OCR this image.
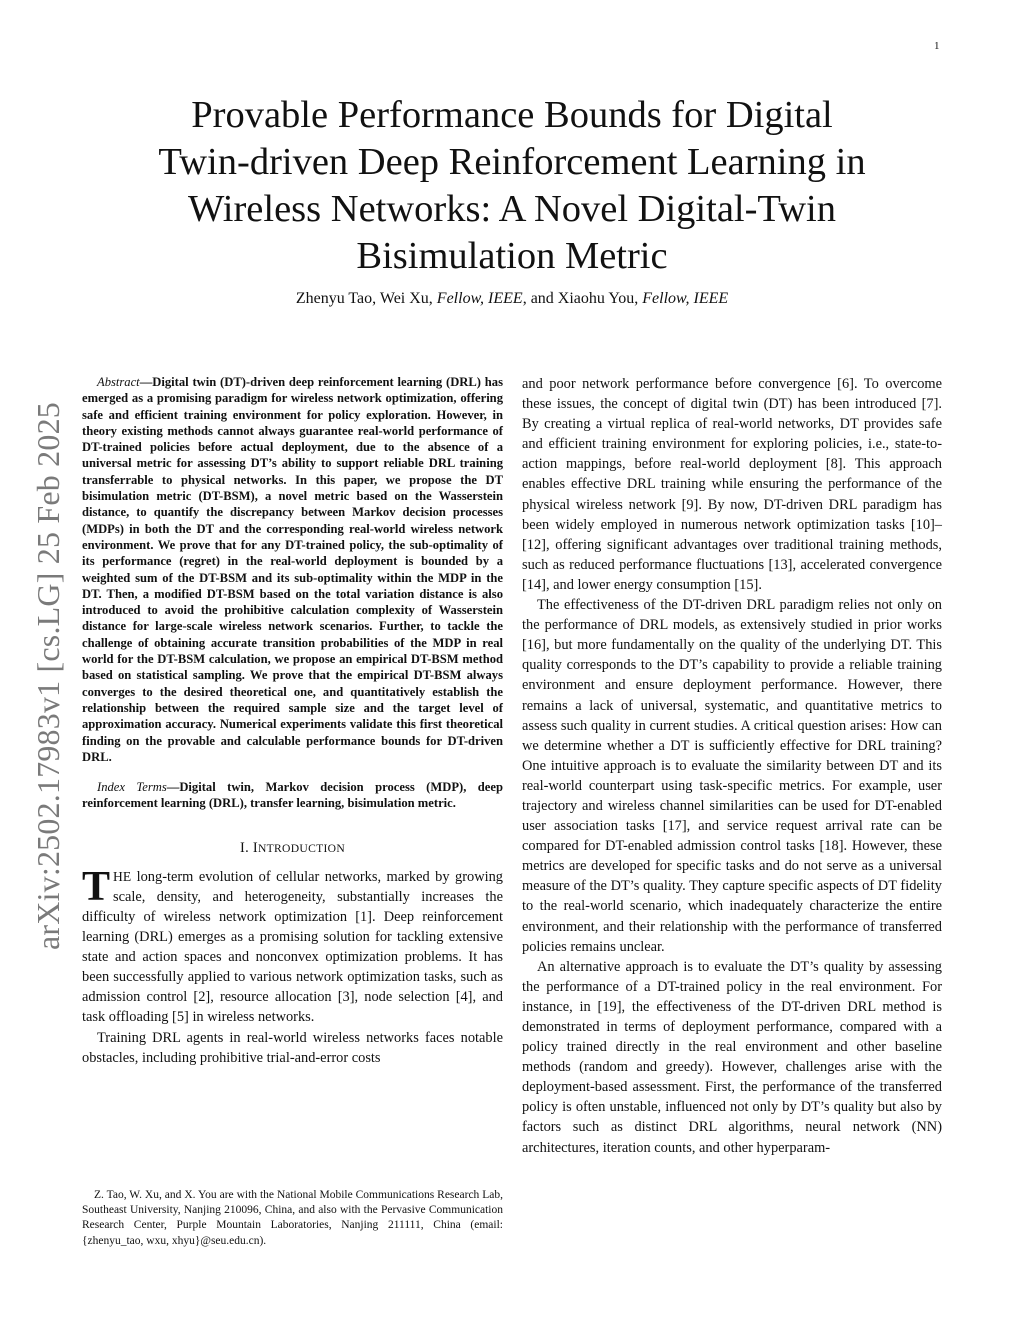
1
arXiv:2502.17983v1 [cs.LG] 25 Feb 2025
Provable Performance Bounds for Digital
Twin-driven Deep Reinforcement Learning in
Wireless Networks: A Novel Digital-Twin
Bisimulation Metric
Zhenyu Tao, Wei Xu, Fellow, IEEE, and Xiaohu You, Fellow, IEEE

Abstract—Digital twin (DT)-driven deep reinforcement learning (DRL) has emerged as a promising paradigm for wireless network optimization, offering safe and efficient training environment for policy exploration. However, in theory existing methods cannot always guarantee real-world performance of DT-trained policies before actual deployment, due to the absence of a universal metric for assessing DT’s ability to support reliable DRL training transferrable to physical networks. In this paper, we propose the DT bisimulation metric (DT-BSM), a novel metric based on the Wasserstein distance, to quantify the discrepancy between Markov decision processes (MDPs) in both the DT and the corresponding real-world wireless network environment. We prove that for any DT-trained policy, the sub-optimality of its performance (regret) in the real-world deployment is bounded by a weighted sum of the DT-BSM and its sub-optimality within the MDP in the DT. Then, a modified DT-BSM based on the total variation distance is also introduced to avoid the prohibitive calculation complexity of Wasserstein distance for large-scale wireless network scenarios. Further, to tackle the challenge of obtaining accurate transition probabilities of the MDP in real world for the DT-BSM calculation, we propose an empirical DT-BSM method based on statistical sampling. We prove that the empirical DT-BSM always converges to the desired theoretical one, and quantitatively establish the relationship between the required sample size and the target level of approximation accuracy. Numerical experiments validate this first theoretical finding on the provable and calculable performance bounds for DT-driven DRL.

Index Terms—Digital twin, Markov decision process (MDP), deep reinforcement learning (DRL), transfer learning, bisimulation metric.

I. INTRODUCTION

THE long-term evolution of cellular networks, marked by growing scale, density, and heterogeneity, substantially increases the difficulty of wireless network optimization [1]. Deep reinforcement learning (DRL) emerges as a promising solution for tackling extensive state and action spaces and nonconvex optimization problems. It has been successfully applied to various network optimization tasks, such as admission control [2], resource allocation [3], node selection [4], and task offloading [5] in wireless networks.

Training DRL agents in real-world wireless networks faces notable obstacles, including prohibitive trial-and-error costs

Z. Tao, W. Xu, and X. You are with the National Mobile Communications Research Lab, Southeast University, Nanjing 210096, China, and also with the Pervasive Communication Research Center, Purple Mountain Laboratories, Nanjing 211111, China (email: {zhenyu_tao, wxu, xhyu}@seu.edu.cn).

and poor network performance before convergence [6]. To overcome these issues, the concept of digital twin (DT) has been introduced [7]. By creating a virtual replica of real-world networks, DT provides safe and efficient training environment for exploring policies, i.e., state-to-action mappings, before real-world deployment [8]. This approach enables effective DRL training while ensuring the performance of the physical wireless network [9]. By now, DT-driven DRL paradigm has been widely employed in numerous network optimization tasks [10]–[12], offering significant advantages over traditional training methods, such as reduced performance fluctuations [13], accelerated convergence [14], and lower energy consumption [15].

The effectiveness of the DT-driven DRL paradigm relies not only on the performance of DRL models, as extensively studied in prior works [16], but more fundamentally on the quality of the underlying DT. This quality corresponds to the DT’s capability to provide a reliable training environment and ensure deployment performance. However, there remains a lack of universal, systematic, and quantitative metrics to assess such quality in current studies. A critical question arises: How can we determine whether a DT is sufficiently effective for DRL training? One intuitive approach is to evaluate the similarity between DT and its real-world counterpart using task-specific metrics. For example, user trajectory and wireless channel similarities can be used for DT-enabled user association tasks [17], and service request arrival rate can be compared for DT-enabled admission control tasks [18]. However, these metrics are developed for specific tasks and do not serve as a universal measure of the DT’s quality. They capture specific aspects of DT fidelity to the real-world scenario, which inadequately characterize the entire environment, and their relationship with the performance of transferred policies remains unclear.

An alternative approach is to evaluate the DT’s quality by assessing the performance of a DT-trained policy in the real environment. For instance, in [19], the effectiveness of the DT-driven DRL method is demonstrated in terms of deployment performance, compared with a policy trained directly in the real environment and other baseline methods (random and greedy). However, challenges arise with the deployment-based assessment. First, the performance of the transferred policy is often unstable, influenced not only by DT’s quality but also by factors such as distinct DRL algorithms, neural network (NN) architectures, iteration counts, and other hyperparam-
